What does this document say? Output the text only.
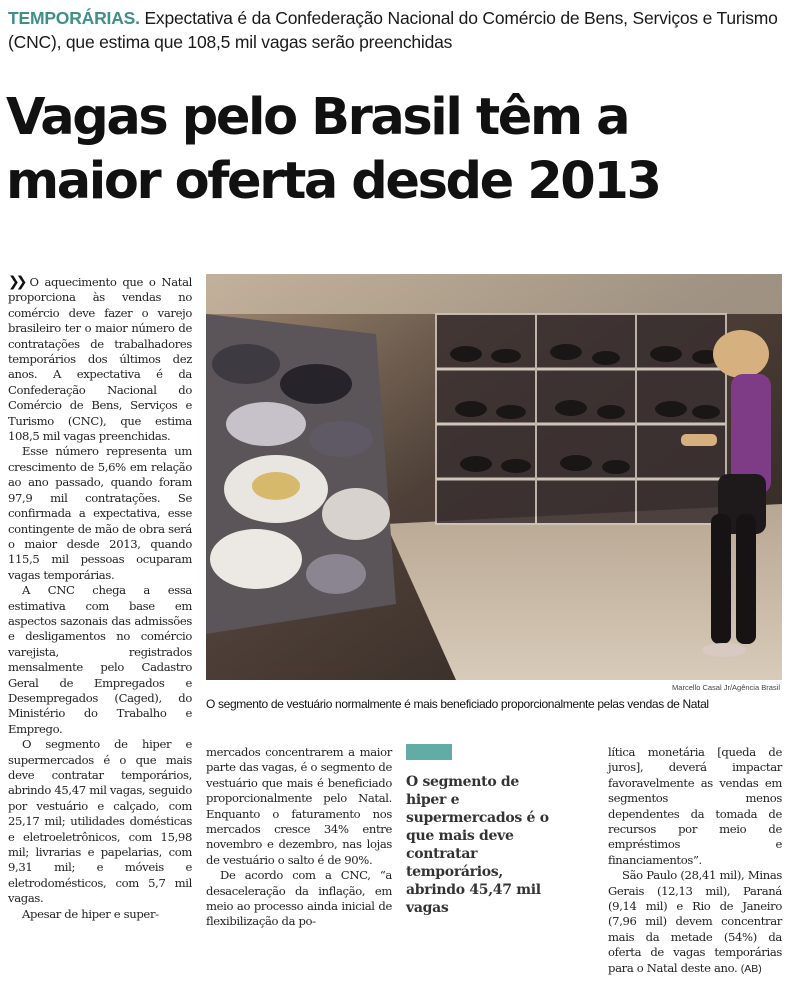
TEMPORÁRIAS. Expectativa é da Confederação Nacional do Comércio de Bens, Serviços e Turismo (CNC), que estima que 108,5 mil vagas serão preenchidas
Vagas pelo Brasil têm a
maior oferta desde 2013

❯❯ O aquecimento que o Natal proporciona às vendas no comércio deve fazer o varejo brasileiro ter o maior número de contratações de trabalhadores temporários dos últimos dez anos. A expectativa é da Confederação Nacional do Comércio de Bens, Serviços e Turismo (CNC), que estima 108,5 mil vagas preenchidas.

Esse número representa um crescimento de 5,6% em relação ao ano passado, quando foram 97,9 mil contratações. Se confirmada a expectativa, esse contingente de mão de obra será o maior desde 2013, quando 115,5 mil pessoas ocuparam vagas temporárias.

A CNC chega a essa estimativa com base em aspectos sazonais das admissões e desligamentos no comércio varejista, registrados mensalmente pelo Cadastro Geral de Empregados e Desempregados (Caged), do Ministério do Trabalho e Emprego.

O segmento de hiper e supermercados é o que mais deve contratar temporários, abrindo 45,47 mil vagas, seguido por vestuário e calçado, com 25,17 mil; utilidades domésticas e eletroeletrônicos, com 15,98 mil; livrarias e papelarias, com 9,31 mil; e móveis e eletrodomésticos, com 5,7 mil vagas.

Apesar de hiper e super-

Marcello Casal Jr/Agência Brasil
O segmento de vestuário normalmente é mais beneficiado proporcionalmente pelas vendas de Natal

mercados concentrarem a maior parte das vagas, é o segmento de vestuário que mais é beneficiado proporcionalmente pelo Natal. Enquanto o faturamento nos mercados cresce 34% entre novembro e dezembro, nas lojas de vestuário o salto é de 90%.

De acordo com a CNC, “a desaceleração da inflação, em meio ao processo ainda inicial de flexibilização da po-

O segmento de hiper e supermercados é o que mais deve contratar temporários, abrindo 45,47 mil vagas

lítica monetária [queda de juros], deverá impactar favoravelmente as vendas em segmentos menos dependentes da tomada de recursos por meio de empréstimos e financiamentos”.

São Paulo (28,41 mil), Minas Gerais (12,13 mil), Paraná (9,14 mil) e Rio de Janeiro (7,96 mil) devem concentrar mais da metade (54%) da oferta de vagas temporárias para o Natal deste ano. (AB)
